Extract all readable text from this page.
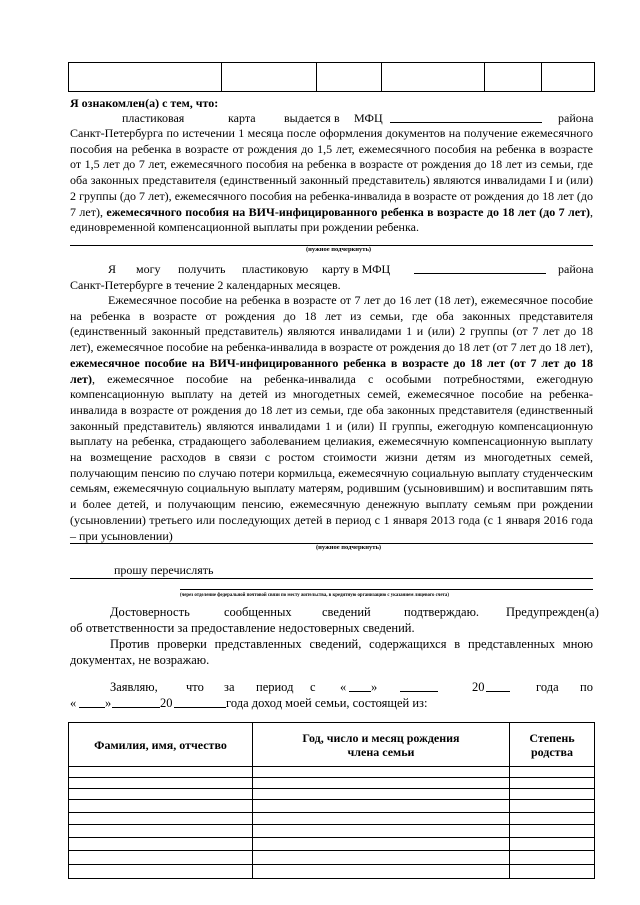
Я ознакомлен(а) с тем, что:
пластиковая	карта выдается в МФЦ	района
Санкт-Петербурга по истечении 1 месяца после оформления документов на получение ежемесячного пособия на ребенка в возрасте от рождения до 1,5 лет, ежемесячного пособия на ребенка в возрасте от 1,5 лет до 7 лет, ежемесячного пособия на ребенка в возрасте от рождения до 18 лет из семьи, где оба законных представителя (единственный законный представитель) являются инвалидами I и (или) 2 группы (до 7 лет), ежемесячного пособия на ребенка-инвалида в возрасте от рождения до 18 лет (до 7 лет), ежемесячного пособия на ВИЧ-инфицированного ребенка в возрасте до 18 лет (до 7 лет), единовременной компенсационной выплаты при рождении ребенка.
(нужное подчеркнуть)
Я могу получить пластиковую карту в МФЦ	района
Санкт-Петербурге в течение 2 календарных месяцев.
Ежемесячное пособие на ребенка в возрасте от 7 лет до 16 лет (18 лет), ежемесячное пособие на ребенка в возрасте от рождения до 18 лет из семьи, где оба законных представителя (единственный законный представитель) являются инвалидами 1 и (или) 2 группы (от 7 лет до 18 лет), ежемесячное пособие на ребенка-инвалида в возрасте от рождения до 18 лет (от 7 лет до 18 лет), ежемесячное пособие на ВИЧ-инфицированного ребенка в возрасте до 18 лет (от 7 лет до 18 лет), ежемесячное пособие на ребенка-инвалида с особыми потребностями, ежегодную компенсационную выплату на детей из многодетных семей, ежемесячное пособие на ребенка-инвалида в возрасте от рождения до 18 лет из семьи, где оба законных представителя (единственный законный представитель) являются инвалидами 1 и (или) II группы, ежегодную компенсационную выплату на ребенка, страдающего заболеванием целиакия, ежемесячную компенсационную выплату на возмещение расходов в связи с ростом стоимости жизни детям из многодетных семей, получающим пенсию по случаю потери кормильца, ежемесячную социальную выплату студенческим семьям, ежемесячную социальную выплату матерям, родившим (усыновившим) и воспитавшим пять и более детей, и получающим пенсию, ежемесячную денежную выплату семьям при рождении (усыновлении) третьего или последующих детей в период с 1 января 2013 года (с 1 января 2016 года – при усыновлении)
(нужное подчеркнуть)
прошу перечислять
(через отделение федеральной почтовой связи по месту жительства, в кредитную организацию с указанием лицевого счета)
Достоверность	сообщенных сведений	подтверждаю. Предупрежден(а)
об ответственности за предоставление недостоверных сведений.
Против проверки представленных сведений, содержащихся в представленных мною документах, не возражаю.
Заявляю, что за период с « »	20	года по
« »	20	года доход моей семьи, состоящей из:
Фамилия, имя, отчество	Год, число и месяц рождения члена семьи	Степень родства
